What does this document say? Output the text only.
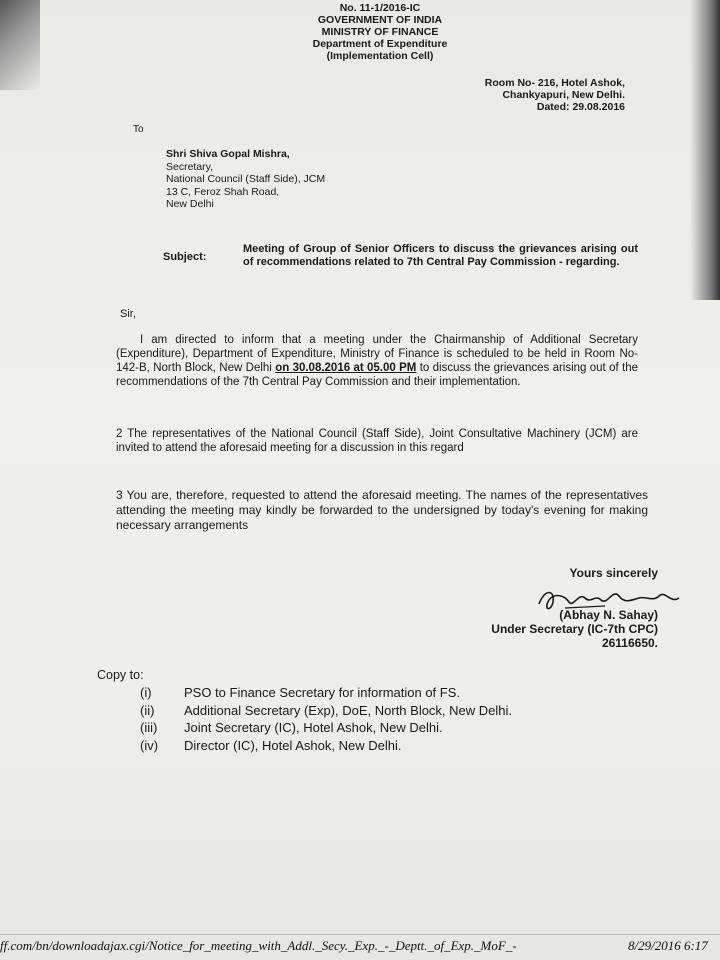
No. 11-1/2016-IC
GOVERNMENT OF INDIA
MINISTRY OF FINANCE
Department of Expenditure
(Implementation Cell)
Room No- 216, Hotel Ashok,
Chankyapuri, New Delhi.
Dated: 29.08.2016
To
Shri Shiva Gopal Mishra,
Secretary,
National Council (Staff Side), JCM
13 C, Feroz Shah Road,
New Delhi
Subject:
Meeting of Group of Senior Officers to discuss the grievances arising out of recommendations related to 7th Central Pay Commission - regarding.
Sir,
I am directed to inform that a meeting under the Chairmanship of Additional Secretary (Expenditure), Department of Expenditure, Ministry of Finance is scheduled to be held in Room No-142-B, North Block, New Delhi on 30.08.2016 at 05.00 PM to discuss the grievances arising out of the recommendations of the 7th Central Pay Commission and their implementation.
2 The representatives of the National Council (Staff Side), Joint Consultative Machinery (JCM) are invited to attend the aforesaid meeting for a discussion in this regard
3 You are, therefore, requested to attend the aforesaid meeting. The names of the representatives attending the meeting may kindly be forwarded to the undersigned by today's evening for making necessary arrangements
Yours sincerely
(Abhay N. Sahay)
Under Secretary (IC-7th CPC)
26116650.
Copy to:
(i)	PSO to Finance Secretary for information of FS.
(ii)	Additional Secretary (Exp), DoE, North Block, New Delhi.
(iii)	Joint Secretary (IC), Hotel Ashok, New Delhi.
(iv)	Director (IC), Hotel Ashok, New Delhi.
ff.com/bn/downloadajax.cgi/Notice_for_meeting_with_Addl._Secy._Exp._-_Deptt._of_Exp._MoF_-	8/29/2016 6:17
